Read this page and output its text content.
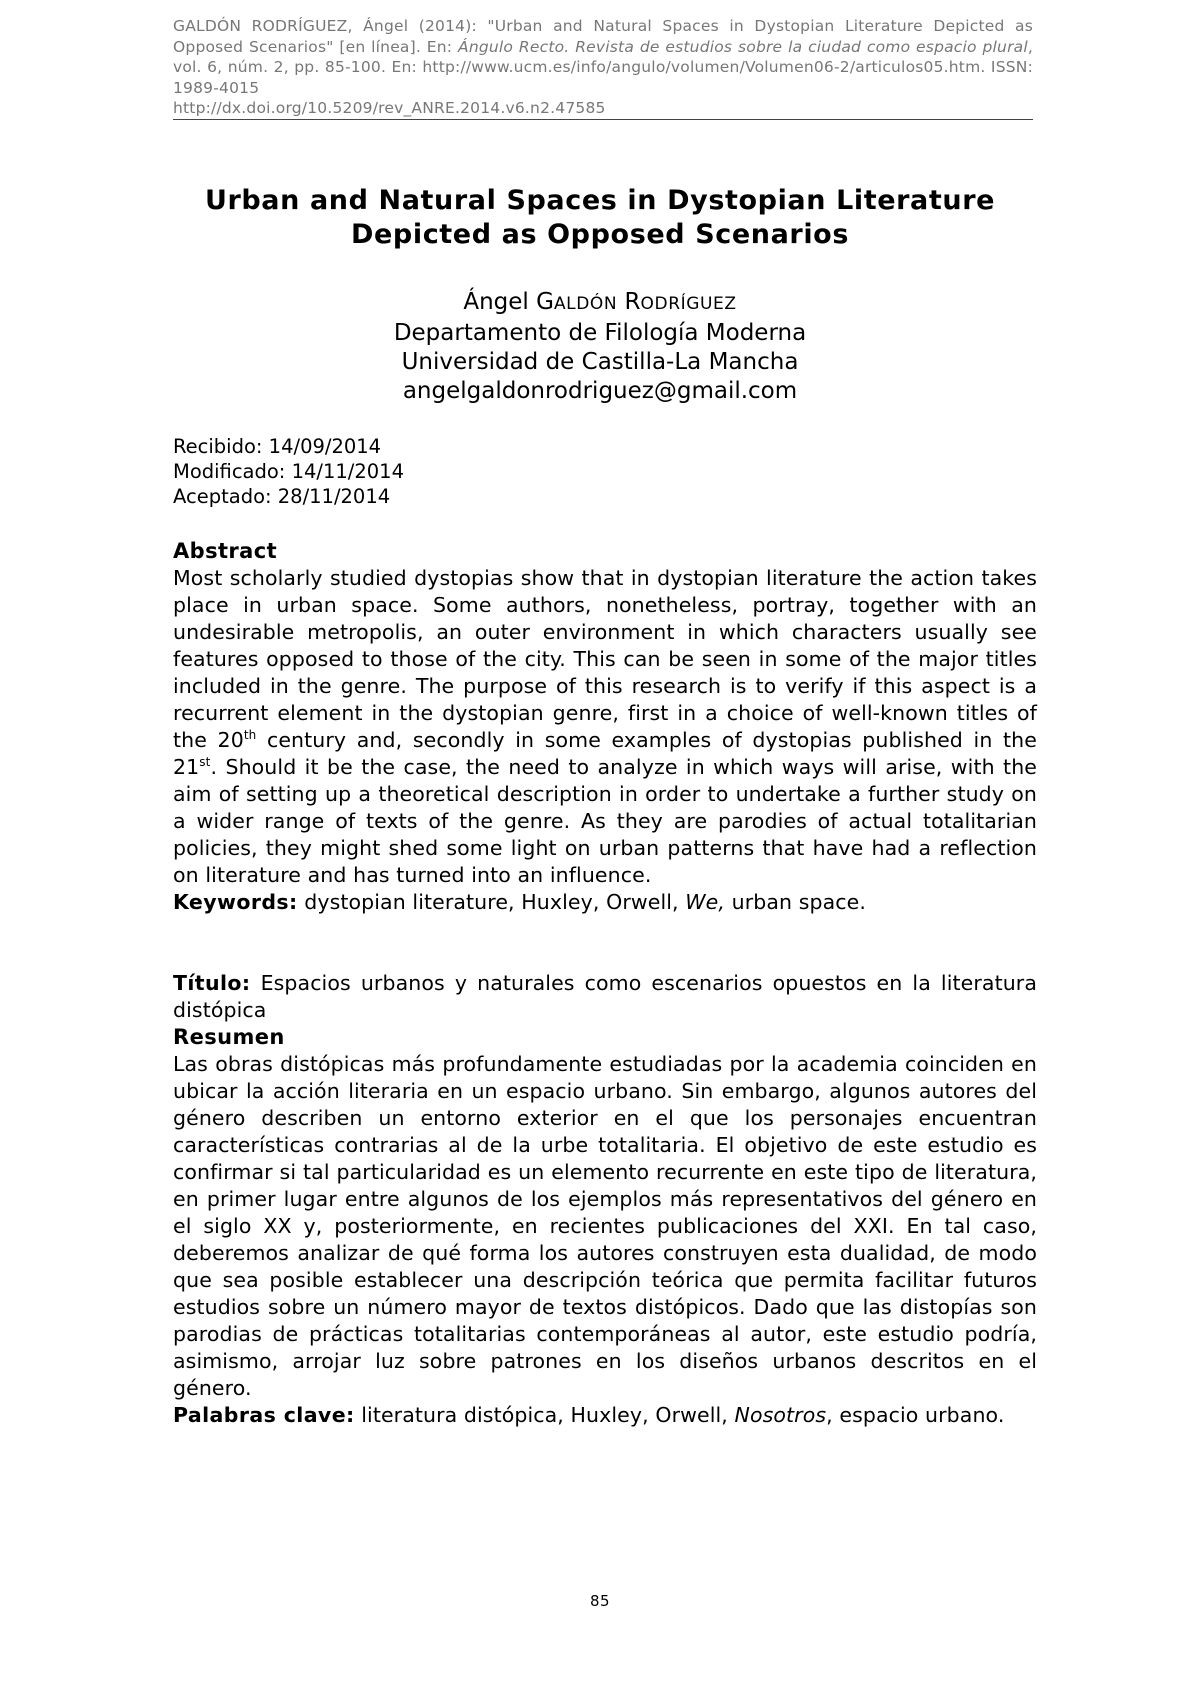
GALDÓN RODRÍGUEZ, Ángel (2014): "Urban and Natural Spaces in Dystopian Literature Depicted as Opposed Scenarios" [en línea]. En: Ángulo Recto. Revista de estudios sobre la ciudad como espacio plural, vol. 6, núm. 2, pp. 85-100. En: http://www.ucm.es/info/angulo/volumen/Volumen06-2/articulos05.htm. ISSN: 1989-4015
http://dx.doi.org/10.5209/rev_ANRE.2014.v6.n2.47585
Urban and Natural Spaces in Dystopian Literature
Depicted as Opposed Scenarios
Ángel GALDÓN RODRÍGUEZ
Departamento de Filología Moderna
Universidad de Castilla-La Mancha
angelgaldonrodriguez@gmail.com
Recibido: 14/09/2014
Modificado: 14/11/2014
Aceptado: 28/11/2014
Abstract

Most scholarly studied dystopias show that in dystopian literature the action takes place in urban space. Some authors, nonetheless, portray, together with an undesirable metropolis, an outer environment in which characters usually see features opposed to those of the city. This can be seen in some of the major titles included in the genre. The purpose of this research is to verify if this aspect is a recurrent element in the dystopian genre, first in a choice of well-known titles of the 20th century and, secondly in some examples of dystopias published in the 21st. Should it be the case, the need to analyze in which ways will arise, with the aim of setting up a theoretical description in order to undertake a further study on a wider range of texts of the genre. As they are parodies of actual totalitarian policies, they might shed some light on urban patterns that have had a reflection on literature and has turned into an influence.

Keywords: dystopian literature, Huxley, Orwell, We, urban space.

Título: Espacios urbanos y naturales como escenarios opuestos en la literatura distópica

Resumen

Las obras distópicas más profundamente estudiadas por la academia coinciden en ubicar la acción literaria en un espacio urbano. Sin embargo, algunos autores del género describen un entorno exterior en el que los personajes encuentran características contrarias al de la urbe totalitaria. El objetivo de este estudio es confirmar si tal particularidad es un elemento recurrente en este tipo de literatura, en primer lugar entre algunos de los ejemplos más representativos del género en el siglo XX y, posteriormente, en recientes publicaciones del XXI. En tal caso, deberemos analizar de qué forma los autores construyen esta dualidad, de modo que sea posible establecer una descripción teórica que permita facilitar futuros estudios sobre un número mayor de textos distópicos. Dado que las distopías son parodias de prácticas totalitarias contemporáneas al autor, este estudio podría, asimismo, arrojar luz sobre patrones en los diseños urbanos descritos en el género.

Palabras clave: literatura distópica, Huxley, Orwell, Nosotros, espacio urbano.

85
